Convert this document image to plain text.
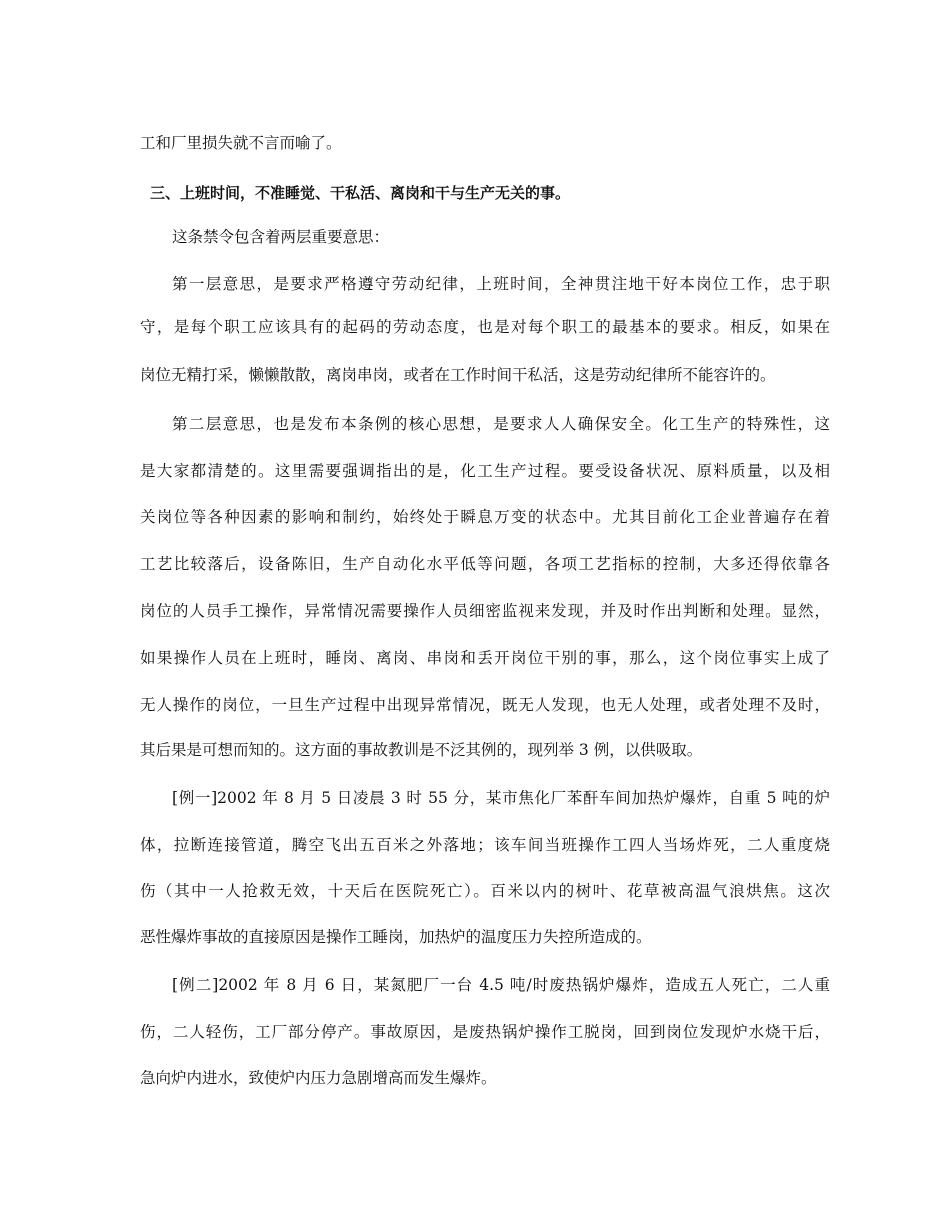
工和厂里损失就不言而喻了。
三、上班时间，不准睡觉、干私活、离岗和干与生产无关的事。
这条禁令包含着两层重要意思：
第一层意思，是要求严格遵守劳动纪律，上班时间，全神贯注地干好本岗位工作，忠于职
守，是每个职工应该具有的起码的劳动态度，也是对每个职工的最基本的要求。相反，如果在
岗位无精打采，懒懒散散，离岗串岗，或者在工作时间干私活，这是劳动纪律所不能容许的。
第二层意思，也是发布本条例的核心思想，是要求人人确保安全。化工生产的特殊性，这
是大家都清楚的。这里需要强调指出的是，化工生产过程。要受设备状况、原料质量，以及相
关岗位等各种因素的影响和制约，始终处于瞬息万变的状态中。尤其目前化工企业普遍存在着
工艺比较落后，设备陈旧，生产自动化水平低等问题，各项工艺指标的控制，大多还得依靠各
岗位的人员手工操作，异常情况需要操作人员细密监视来发现，并及时作出判断和处理。显然，
如果操作人员在上班时，睡岗、离岗、串岗和丢开岗位干别的事，那么，这个岗位事实上成了
无人操作的岗位，一旦生产过程中出现异常情况，既无人发现，也无人处理，或者处理不及时，
其后果是可想而知的。这方面的事故教训是不泛其例的，现列举 3 例，以供吸取。
[例一]2002 年 8 月 5 日凌晨 3 时 55 分，某市焦化厂苯酐车间加热炉爆炸，自重 5 吨的炉
体，拉断连接管道，腾空飞出五百米之外落地；该车间当班操作工四人当场炸死，二人重度烧
伤（其中一人抢救无效，十天后在医院死亡）。百米以内的树叶、花草被高温气浪烘焦。这次
恶性爆炸事故的直接原因是操作工睡岗，加热炉的温度压力失控所造成的。
[例二]2002 年 8 月 6 日，某氮肥厂一台 4.5 吨/时废热锅炉爆炸，造成五人死亡，二人重
伤，二人轻伤，工厂部分停产。事故原因，是废热锅炉操作工脱岗，回到岗位发现炉水烧干后，
急向炉内进水，致使炉内压力急剧增高而发生爆炸。
